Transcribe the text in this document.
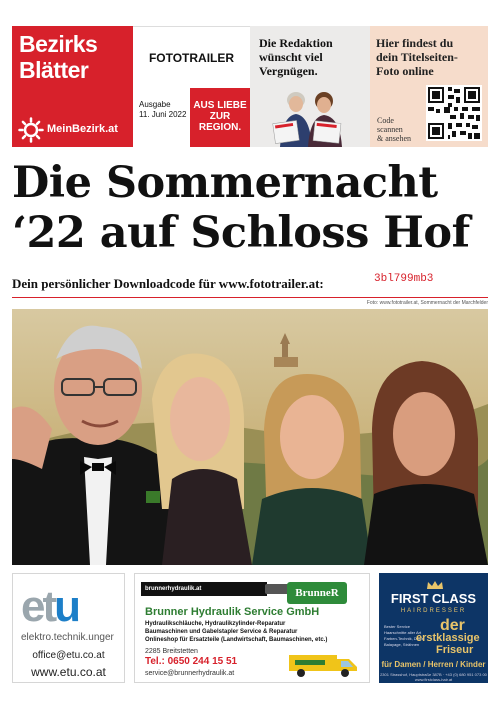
Bezirks
Blätter
MeinBezirk.at
FOTOTRAILER
Ausgabe
11. Juni 2022
AUS LIEBE
ZUR
REGION.
Die Redaktion
wünscht viel
Vergnügen.
Hier findest du
dein Titelseiten-
Foto online
Code
scannen
& ansehen
Die Sommernacht
‘22 auf Schloss Hof
Dein persönlicher Downloadcode für www.fototrailer.at:	3bl799mb3
Foto: www.fototrailer.at, Sommernacht der Marchfelder
etu
elektro.technik.unger
office@etu.co.at
www.etu.co.at
brunnerhydraulik.at	BrunneR
Brunner Hydraulik Service GmbH
Hydraulikschläuche, Hydraulikzylinder-Reparatur
Baumaschinen und Gabelstapler Service & Reparatur
Onlineshop für Ersatzteile (Landwirtschaft, Baumaschinen, etc.)
2285 Breitstetten
Tel.: 0650 244 15 51
service@brunnerhydraulik.at
FIRST CLASS
HAIRDRESSER
Bester Service
Haarschnitte aller Art
Farben-Technik, Dolce
Balayage, Strähnen
der
erstklassige
Friseur
für Damen / Herren / Kinder
2301 Strasshof, Hauptstraße 387B · +43 (0) 680 951 073 00
www.firstclass-hair.at
